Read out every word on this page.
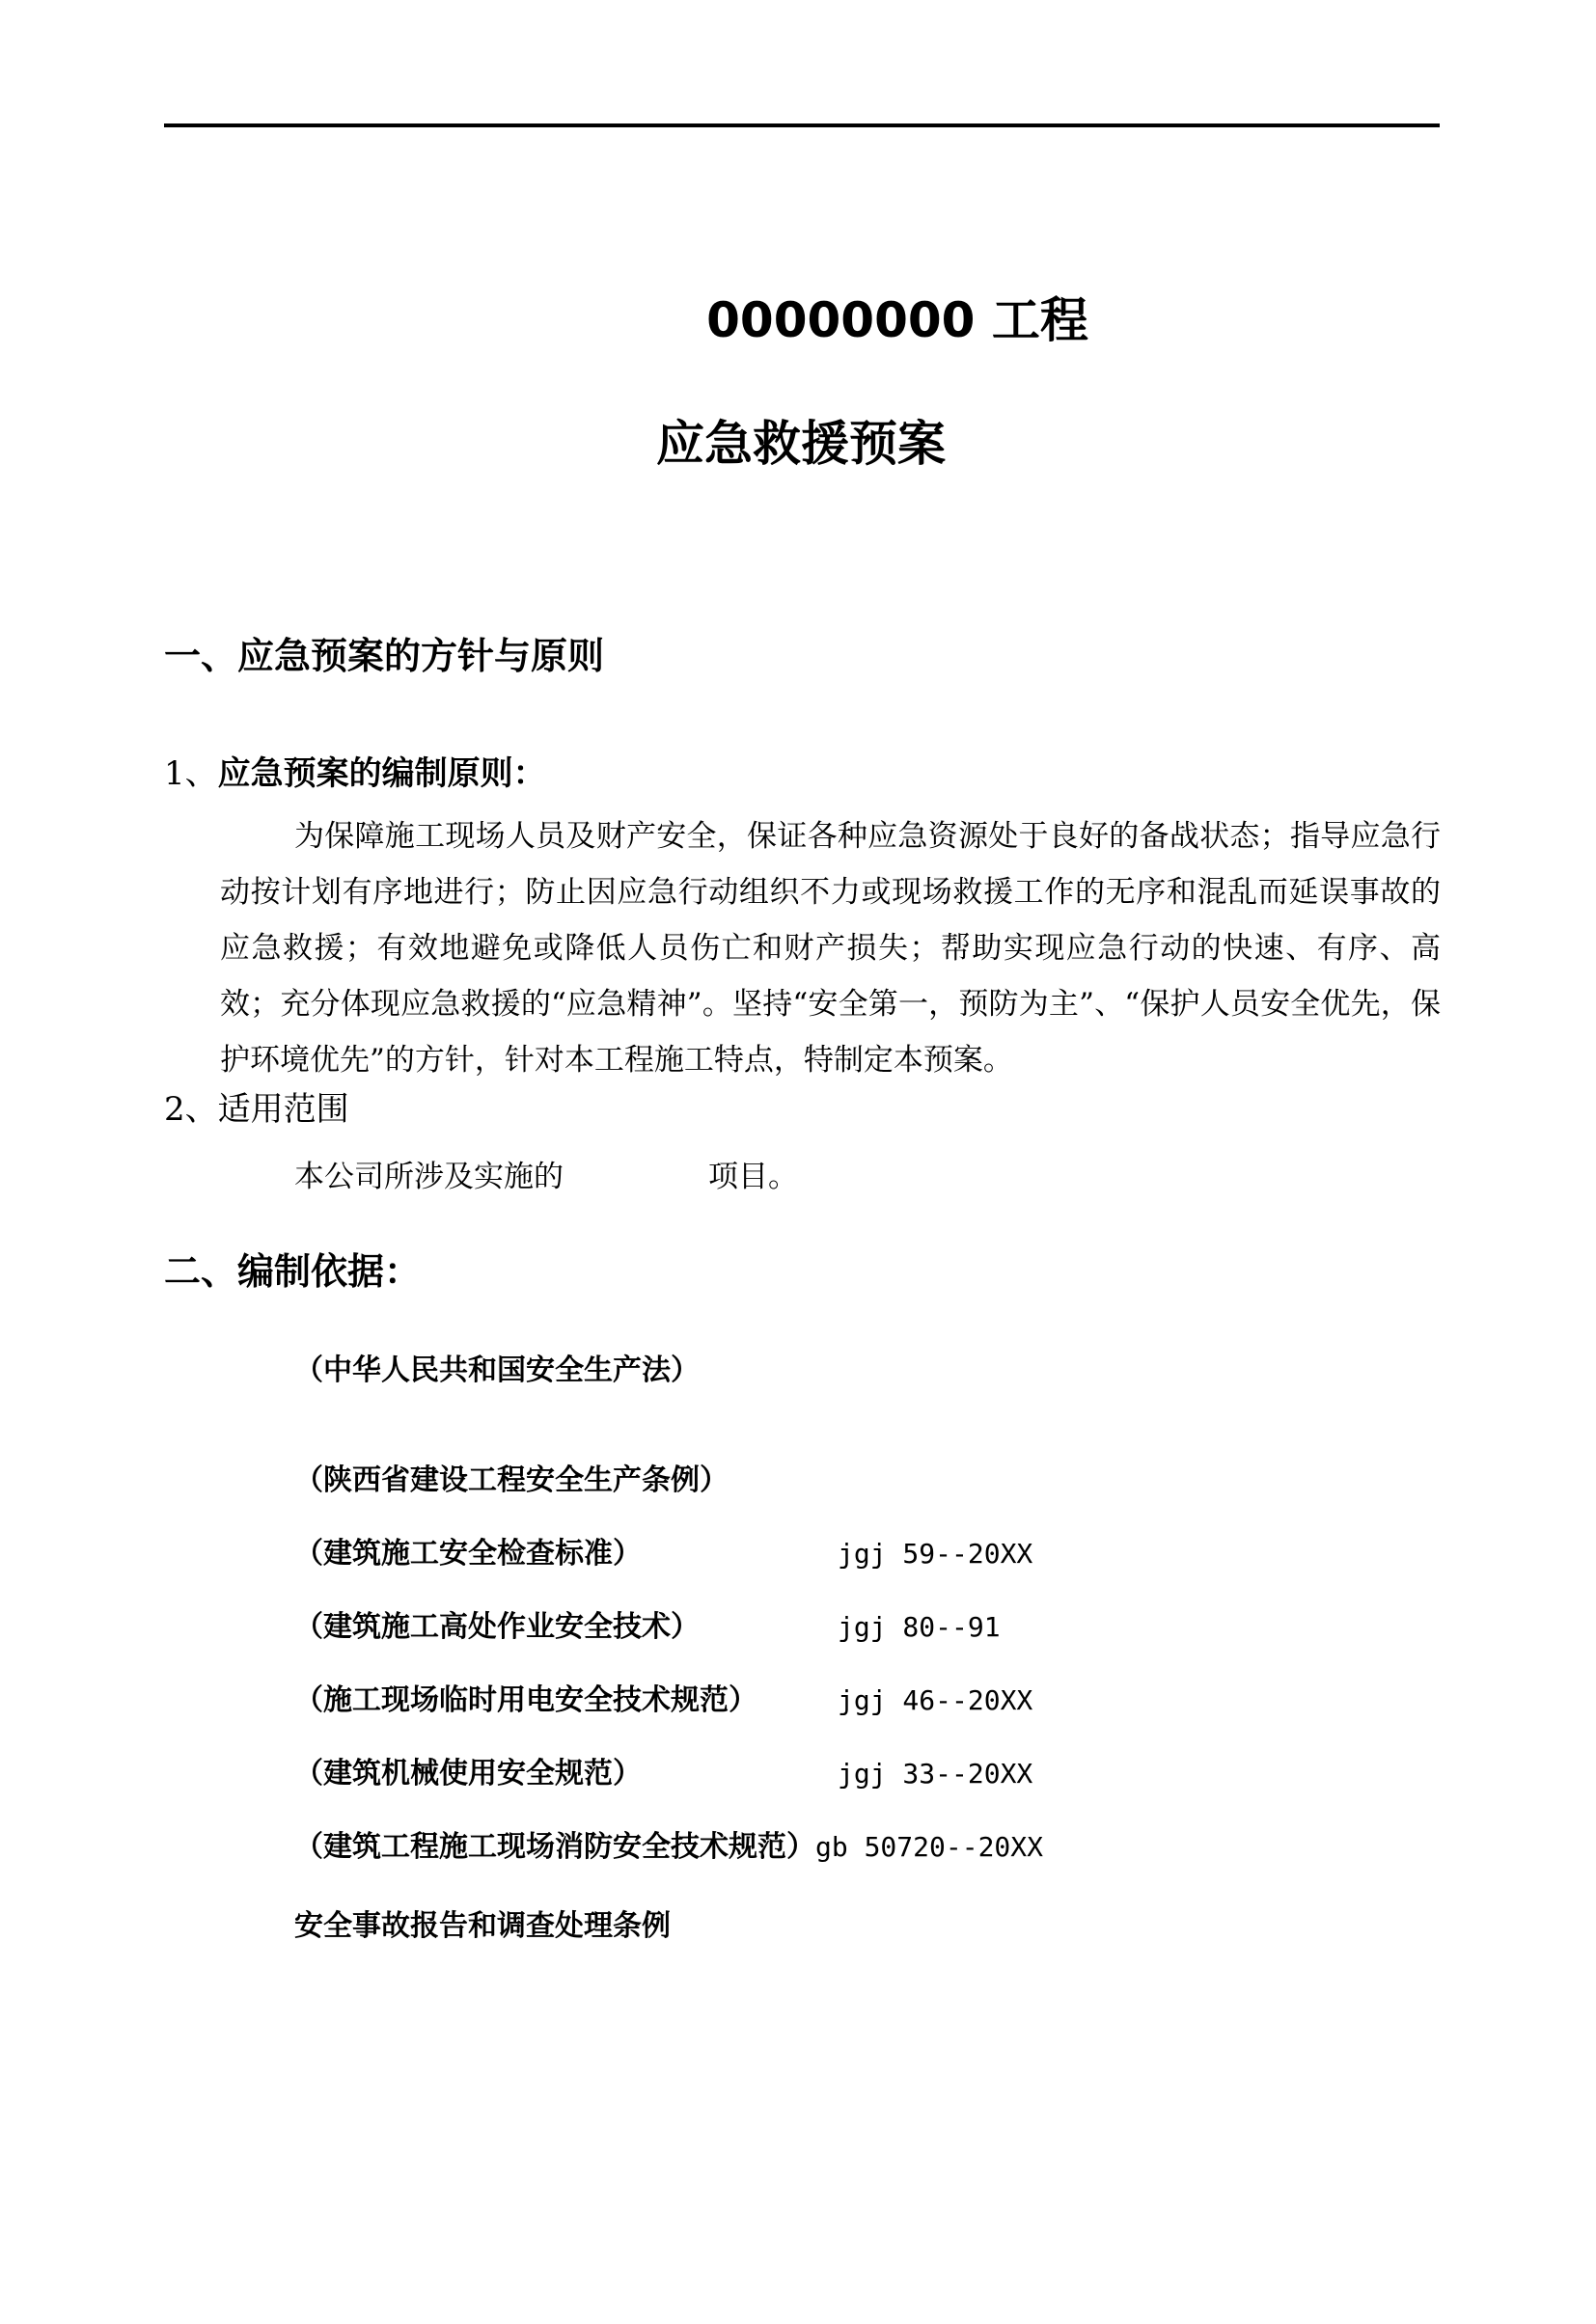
00000000 工程
应急救援预案
一、应急预案的方针与原则
1、应急预案的编制原则：
为保障施工现场人员及财产安全，保证各种应急资源处于良好的备战状态；指导应急行动按计划有序地进行；防止因应急行动组织不力或现场救援工作的无序和混乱而延误事故的应急救援；有效地避免或降低人员伤亡和财产损失；帮助实现应急行动的快速、有序、高效；充分体现应急救援的“应急精神”。坚持“安全第一，预防为主”、“保护人员安全优先，保护环境优先”的方针，针对本工程施工特点，特制定本预案。
2、适用范围
本公司所涉及实施的	项目。
二、编制依据：
（中华人民共和国安全生产法）
（陕西省建设工程安全生产条例）
（建筑施工安全检查标准）	jgj 59--20XX
（建筑施工高处作业安全技术）	jgj 80--91
（施工现场临时用电安全技术规范）	jgj 46--20XX
（建筑机械使用安全规范）	jgj 33--20XX
（建筑工程施工现场消防安全技术规范）gb 50720--20XX
安全事故报告和调查处理条例
